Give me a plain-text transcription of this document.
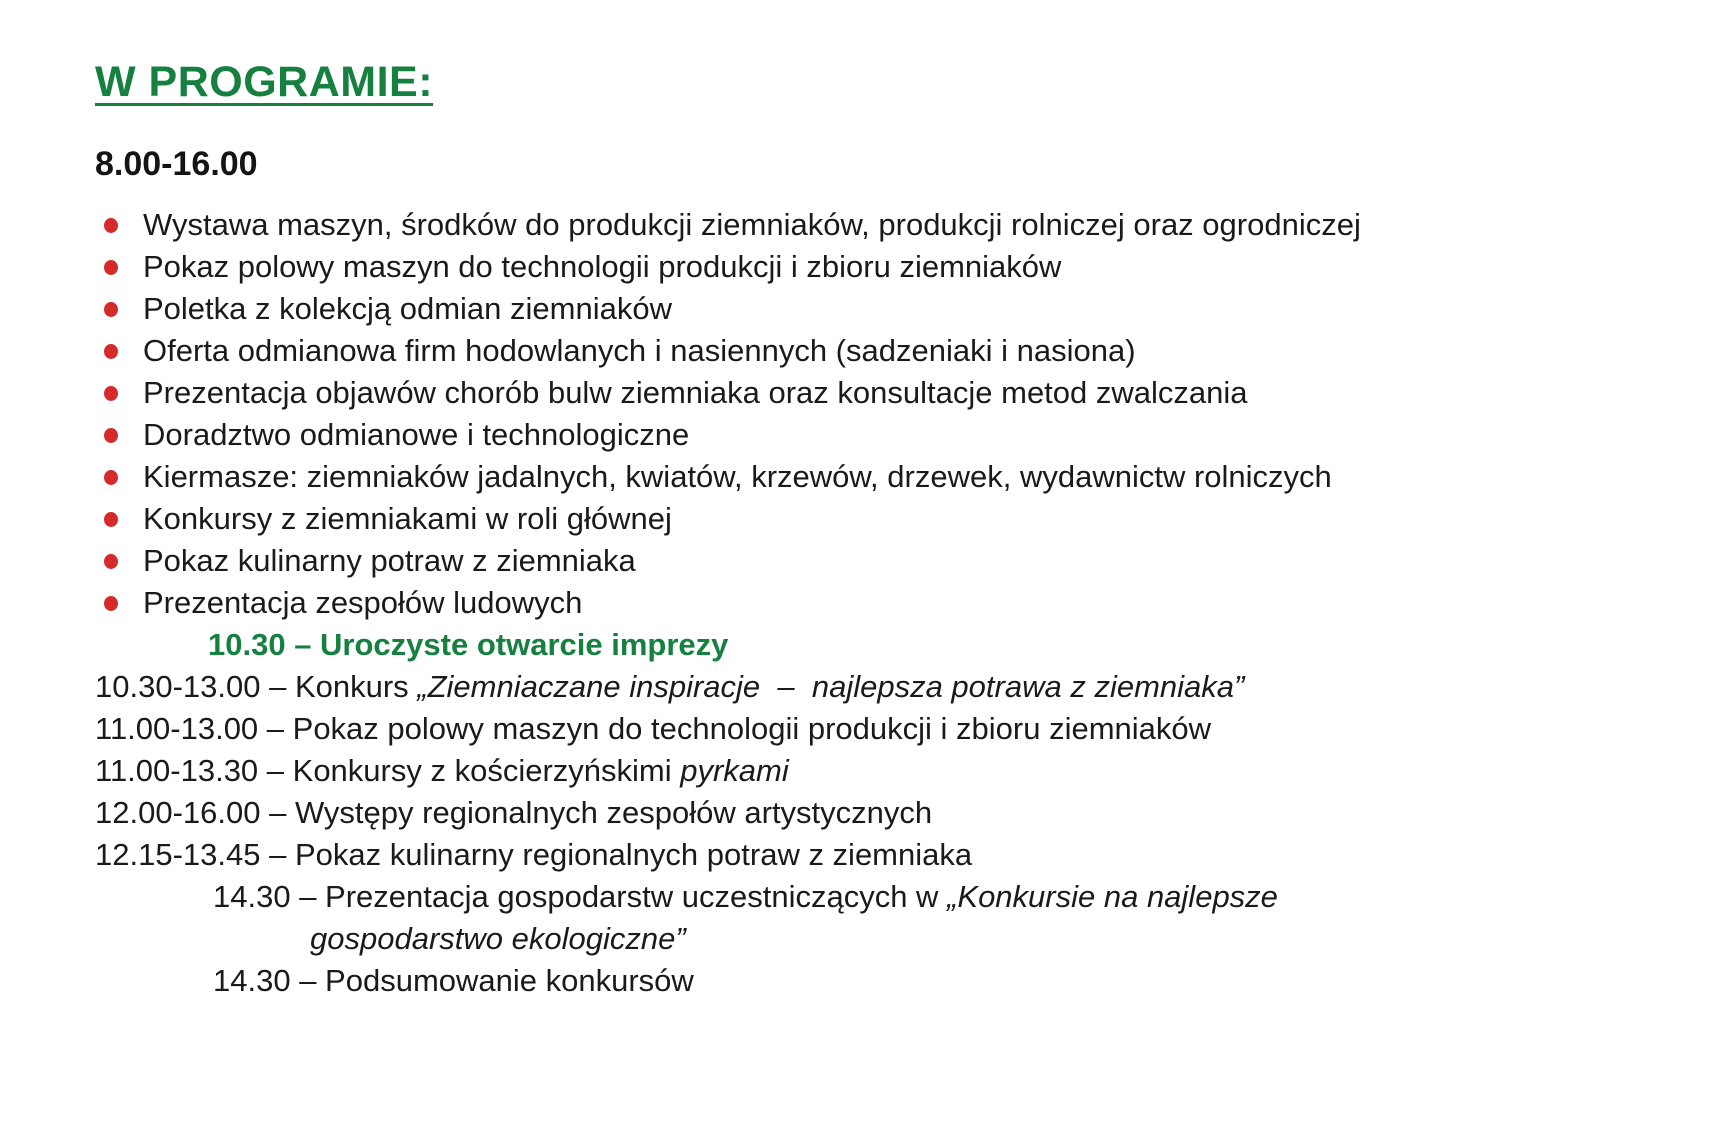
W PROGRAMIE:
8.00-16.00
Wystawa maszyn, środków do produkcji ziemniaków, produkcji rolniczej oraz ogrodniczej
Pokaz polowy maszyn do technologii produkcji i zbioru ziemniaków
Poletka z kolekcją odmian ziemniaków
Oferta odmianowa firm hodowlanych i nasiennych (sadzeniaki i nasiona)
Prezentacja objawów chorób bulw ziemniaka oraz konsultacje metod zwalczania
Doradztwo odmianowe i technologiczne
Kiermasze: ziemniaków jadalnych, kwiatów, krzewów, drzewek, wydawnictw rolniczych
Konkursy z ziemniakami w roli głównej
Pokaz kulinarny potraw z ziemniaka
Prezentacja zespołów ludowych
10.30 – Uroczyste otwarcie imprezy
10.30-13.00 – Konkurs „Ziemniaczane inspiracje  –  najlepsza potrawa z ziemniaka”
11.00-13.00 – Pokaz polowy maszyn do technologii produkcji i zbioru ziemniaków
11.00-13.30 – Konkursy z kościerzyńskimi pyrkami
12.00-16.00 – Występy regionalnych zespołów artystycznych
12.15-13.45 – Pokaz kulinarny regionalnych potraw z ziemniaka
14.30 – Prezentacja gospodarstw uczestniczących w „Konkursie na najlepsze
gospodarstwo ekologiczne”
14.30 – Podsumowanie konkursów
